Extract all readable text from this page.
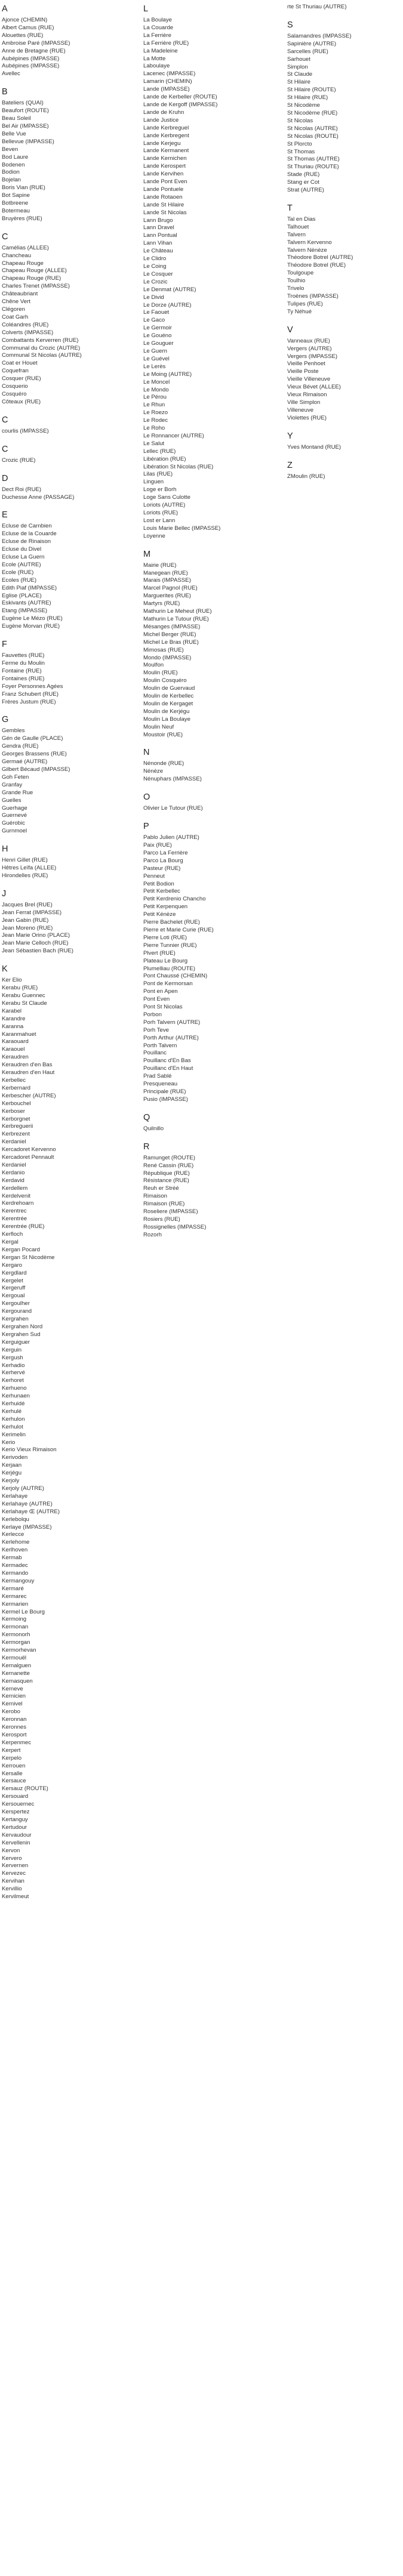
A
Ajonce (CHEMIN)
Albert Camus (RUE)
Alouettes (RUE)
Ambroise Paré (IMPASSE)
Anne de Bretagne (RUE)
Aubépines (IMPASSE)
Aubépines (IMPASSE)
Avellec
B
Bateliers (QUAI)
Beaufort (ROUTE)
Beau Soleil
Bel Air (IMPASSE)
Belle Vue
Bellevue (IMPASSE)
Beven
Bod Laure
Bodenen
Bodion
Bojelan
Boris Vian (RUE)
Bot Sapine
Botbreene
Botermeau
Bruyères (RUE)
C
Camélias (ALLEE)
Chancheau
Chapeau Rouge
Chapeau Rouge (ALLEE)
Chapeau Rouge (RUE)
Charles Trenet (IMPASSE)
Châteaubriant
Chêne Vert
Clégoren
Coat Garh
Coléandres (RUE)
Colverts (IMPASSE)
Combattants Kerverren (RUE)
Communal du Crozic (AUTRE)
Communal St Nicolas (AUTRE)
Coat er Houet
Coquefran
Cosquer (RUE)
Cosquerio
Cosquéro
Côteaux (RUE)
C
courlis (IMPASSE)
C
Crozic (RUE)
D
Dect Roi (RUE)
Duchesse Anne (PASSAGE)
E
Ecluse de Carnbien
Ecluse de la Couarde
Ecluse de Rinaison
Ecluse du Divel
Ecluse La Guern
Ecole (AUTRE)
Ecole (RUE)
Ecoles (RUE)
Edith Piaf (IMPASSE)
Eglise (PLACE)
Eskivants (AUTRE)
Etang (IMPASSE)
Eugène Le Mézo (RUE)
Eugène Morvan (RUE)
F
Fauvettes (RUE)
Ferme du Moulin
Fontaine (RUE)
Fontaines (RUE)
Foyer Personnes Agées
Franz Schubert (RUE)
Frères Justum (RUE)
G
Gembles
Gén de Gaulle (PLACE)
Gendra (RUE)
Georges Brassens (RUE)
Germaé (AUTRE)
Gilbert Bécaud (IMPASSE)
Goh Feten
Granfay
Grande Rue
Guelles
Guerhage
Guernevé
Guérobic
Gurnmoel
H
Henri Gillet (RUE)
Hêtres Leïfa (ALLEE)
Hirondelles (RUE)
J
Jacques Brel (RUE)
Jean Ferrat (IMPASSE)
Jean Gabin (RUE)
Jean Moreno (RUE)
Jean Marie Orino (PLACE)
Jean Marie Celloch (RUE)
Jean Sébastien Bach (RUE)
K
Ker Elio
Kerabu (RUE)
Kerabu Guennec
Kerabu St Claude
Karabel
Karandre
Karanna
Karanmahuet
Karaouard
Karaouel
Keraudren
Keraudren d'en Bas
Keraudren d'en Haut
Kerbellec
Kerbernard
Kerbescher (AUTRE)
Kerbouchel
Kerboser
Kerborgnet
Kerbreguerii
Kerbrezent
Kerdaniel
Kercadoret Kervenno
Kercadoret Pennault
Kerdaniel
Kerdanio
Kerdavid
Kerdellem
Kerdelvenit
Kerdrehoarn
Kerentrec
Kerentrée
Kerentrée (RUE)
Kerfloch
Kergal
Kergan Pocard
Kergan St Nicodème
Kergaro
Kergdlard
Kergelet
Kergeruff
Kergoual
Kergoulher
Kergourand
Kergrahen
Kergrahen Nord
Kergrahen Sud
Kerguiguer
Kerguin
Kergush
Kerhadio
Kerhervé
Kerhoret
Kerhueno
Kerhunaen
Kerhuidé
Kerhulé
Kerhulon
Kerhulot
Kerimelin
Kerio
Kerio Vieux Rimaison
Kerivoden
Kerjaan
Kerjégu
Kerjoly
Kerjoly (AUTRE)
Kerlahaye
Kerlahaye (AUTRE)
Kerlahaye Œ (AUTRE)
Kerlebolqu
Kerlaye (IMPASSE)
Kerlecce
Kerlehome
Kerlhoven
Kermab
Kermadec
Kermando
Kermangouy
Kermaré
Kermarec
Kermarien
Kermel Le Bourg
Kermoing
Kermonan
Kermonorh
Kermorgan
Kermorhevan
Kermouël
Kernalguen
Kernanette
Kernasquen
Kerneve
Kernicien
Kernivel
Kerobo
Keronnan
Keronnes
Kerosport
Kerpenmec
Kerpert
Kerpelo
Kerrouen
Kersalle
Kersauce
Kersauz (ROUTE)
Kersouard
Kersouernec
Kerspertez
Kertanguy
Kertudour
Kervaudour
Kervellenin
Kervon
Kervero
Kervernen
Kervezec
Kervihan
Kervillio
Kervilmeut
L
La Boulaye
La Couarde
La Ferrière
La Ferrière (RUE)
La Madeleine
La Motte
Laboulaye
Lacenec (IMPASSE)
Lamarin (CHEMIN)
Lande (IMPASSE)
Lande de Kerbeller (ROUTE)
Lande de Kergoff (IMPASSE)
Lande de Kruhn
Lande Justice
Lande Kerbreguel
Lande Kerbregent
Lande Kerjegu
Lande Kermanent
Lande Kernichen
Lande Kerospert
Lande Kervihen
Lande Pont Even
Lande Pontuele
Lande Rotaoen
Lande St Hilaire
Lande St Nicolas
Lann Brugo
Lann Dravel
Lann Pontual
Lann Vihan
Le Château
Le Clidro
Le Coing
Le Cosquer
Le Crozic
Le Denmat (AUTRE)
Le Divid
Le Dorze (AUTRE)
Le Faouet
Le Gaco
Le Germoir
Le Gouéno
Le Gouguer
Le Guern
Le Guével
Le Lerès
Le Moing (AUTRE)
Le Moncel
Le Mondo
Le Pérou
Le Rhun
Le Roezo
Le Rodec
Le Roho
Le Ronnancer (AUTRE)
Le Salut
Lellec (RUE)
Libération (RUE)
Libération St Nicolas (RUE)
Lilas (RUE)
Linguen
Loge er Borh
Loge Sans Culotte
Loriots (AUTRE)
Loriots (RUE)
Lost er Lann
Louis Marie Bellec (IMPASSE)
Loyenne
M
Mairie (RUE)
Manegean (RUE)
Marais (IMPASSE)
Marcel Pagnol (RUE)
Marguerites (RUE)
Martyrs (RUE)
Mathurin Le Meheut (RUE)
Mathurin Le Tutour (RUE)
Mésanges (IMPASSE)
Michel Berger (RUE)
Michel Le Bras (RUE)
Mimosas (RUE)
Mondo (IMPASSE)
Moulfon
Moulin (RUE)
Moulin Cosquéro
Moulin de Guervaud
Moulin de Kerbellec
Moulin de Kergaget
Moulin de Kerjégu
Moulin La Boulaye
Moulin Neuf
Moustoir (RUE)
N
Nénonde (RUE)
Nénèze
Nénuphars (IMPASSE)
O
Olivier Le Tutour (RUE)
P
Pablo Julien (AUTRE)
Paix (RUE)
Parco La Ferrière
Parco La Bourg
Pasteur (RUE)
Penneut
Petit Bodion
Petit Kerbellec
Petit Kerdrenio Chancho
Petit Kerpenquen
Petit Kénèze
Pierre Bachelet (RUE)
Pierre et Marie Curie (RUE)
Pierre Loti (RUE)
Pierre Tunnier (RUE)
Plvert (RUE)
Plateau Le Bourg
Plumelliau (ROUTE)
Pont Chaussé (CHEMIN)
Pont de Kermorsan
Pont en Apen
Pont Even
Pont St Nicolas
Porbon
Porh Talvern (AUTRE)
Porh Teve
Porth Arthur (AUTRE)
Porth Talvern
Pouillanc
Pouillanc d'En Bas
Pouillanc d'En Haut
Prad Sablé
Presqueneau
Principale (RUE)
Pusio (IMPASSE)
Q
Quilnillo
R
Ramunget (ROUTE)
René Cassin (RUE)
République (RUE)
Résistance (RUE)
Reuh er Stréé
Rimaison
Rimaison (RUE)
Roseliere (IMPASSE)
Rosiers (RUE)
Rossignelles (IMPASSE)
Rozorh
rte St Thuriau (AUTRE)
S
Salamandres (IMPASSE)
Sapinière (AUTRE)
Sarcelles (RUE)
Sarhouet
Simplon
St Claude
St Hilaire
St Hilaire (ROUTE)
St Hilaire (RUE)
St Nicodème
St Nicodème (RUE)
St Nicolas
St Nicolas (AUTRE)
St Nicolas (ROUTE)
St Plorcto
St Thomas
St Thomas (AUTRE)
St Thuriau (ROUTE)
Stade (RUE)
Stang er Cot
Strat (AUTRE)
T
Tal en Dias
Talhouet
Talvern
Talvern Kervenno
Talvern Nénèze
Théodore Botrel (AUTRE)
Théodore Botrel (RUE)
Toulgoupe
Toulhio
Trivelo
Troènes (IMPASSE)
Tulipes (RUE)
Ty Néhué
V
Vanneaux (RUE)
Vergers (AUTRE)
Vergers (IMPASSE)
Vieille Penhoet
Vieille Poste
Vieille Villeneuve
Vieux Bévet (ALLEE)
Vieux Rimaison
Ville Simplon
Villeneuve
Violettes (RUE)
Y
Yves Montand (RUE)
Z
ZMoulin (RUE)
